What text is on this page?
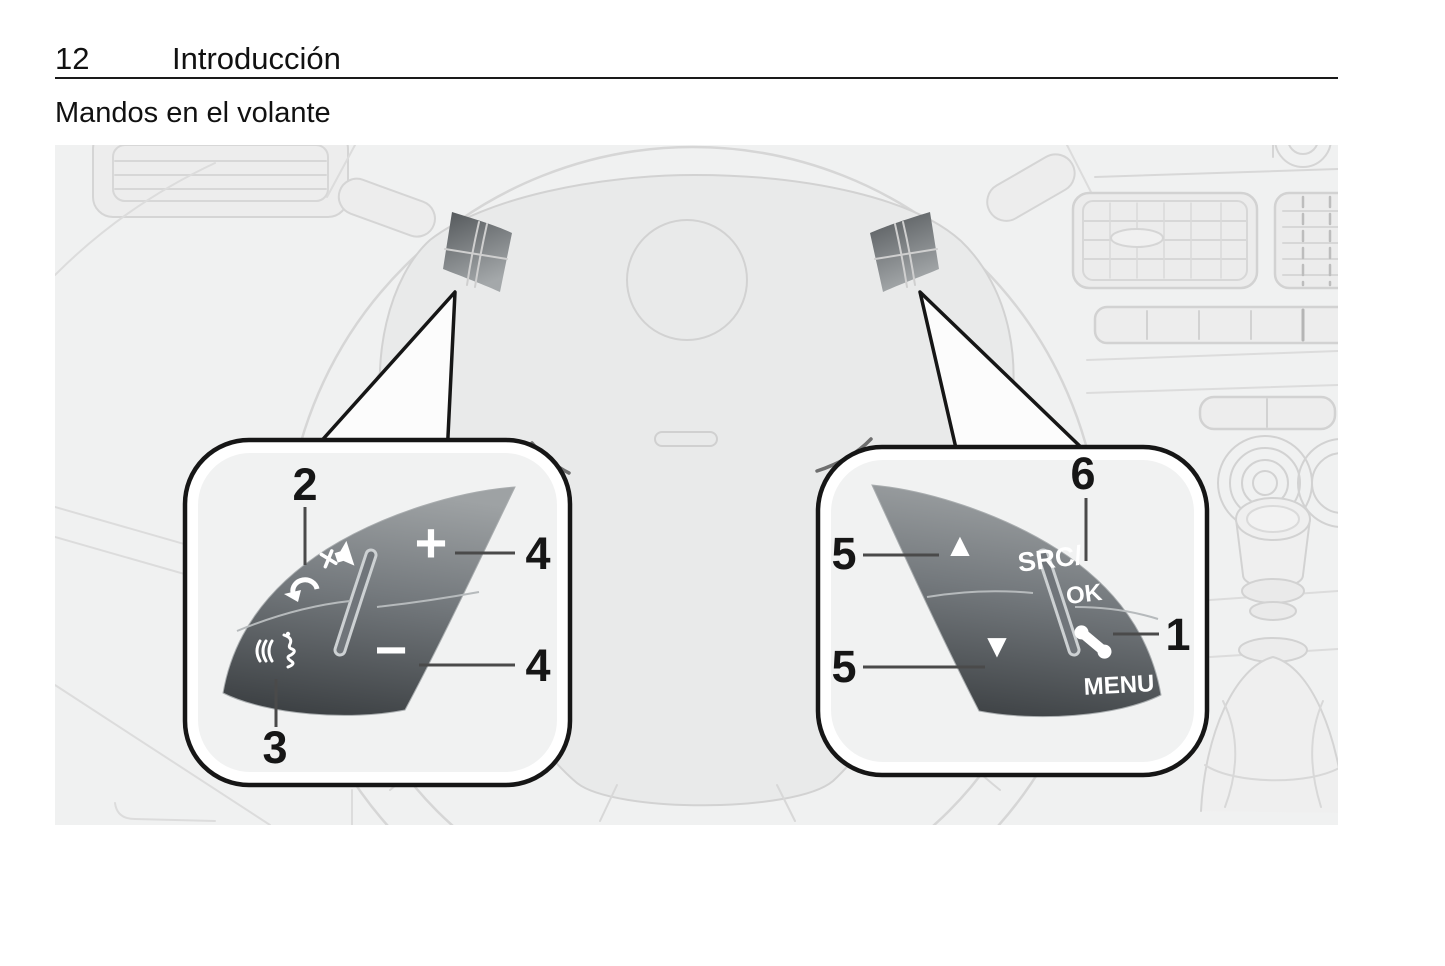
12	Introducción
Mandos en el volante
+
−
2
3
4
4
▲
▼
SRC/
OK
MENU
5
5
6
1
